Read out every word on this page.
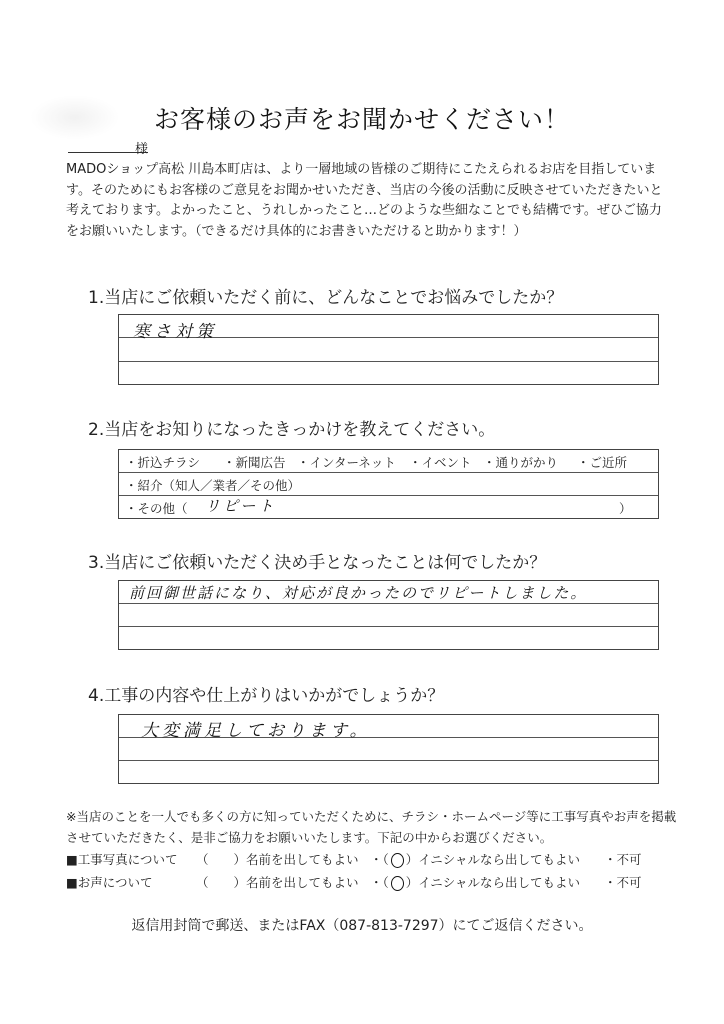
お客様のお声をお聞かせください！
様
MADOショップ高松 川島本町店は、より一層地域の皆様のご期待にこたえられるお店を目指しています。そのためにもお客様のご意見をお聞かせいただき、当店の今後の活動に反映させていただきたいと考えております。よかったこと、うれしかったこと…どのような些細なことでも結構です。ぜひご協力をお願いいたします。（できるだけ具体的にお書きいただけると助かります！）
1.当店にご依頼いただく前に、どんなことでお悩みでしたか？
寒さ対策
2.当店をお知りになったきっかけを教えてください。
・折込チラシ ・新聞広告 ・インターネット ・イベント ・通りがかり ・ご近所
・紹介（知人／業者／その他）
・その他（ リピート	）
3.当店にご依頼いただく決め手となったことは何でしたか？
前回御世話になり、対応が良かったのでリピートしました。
4.工事の内容や仕上がりはいかがでしょうか？
大変満足しております。
※当店のことを一人でも多くの方に知っていただくために、チラシ・ホームページ等に工事写真やお声を掲載させていただきたく、是非ご協力をお願いいたします。下記の中からお選びください。
■工事写真について （　　）名前を出してもよい ・（ ）イニシャルなら出してもよい ・不可
■お声について	（　　）名前を出してもよい ・（ ）イニシャルなら出してもよい ・不可
返信用封筒で郵送、またはFAX（087-813-7297）にてご返信ください。
